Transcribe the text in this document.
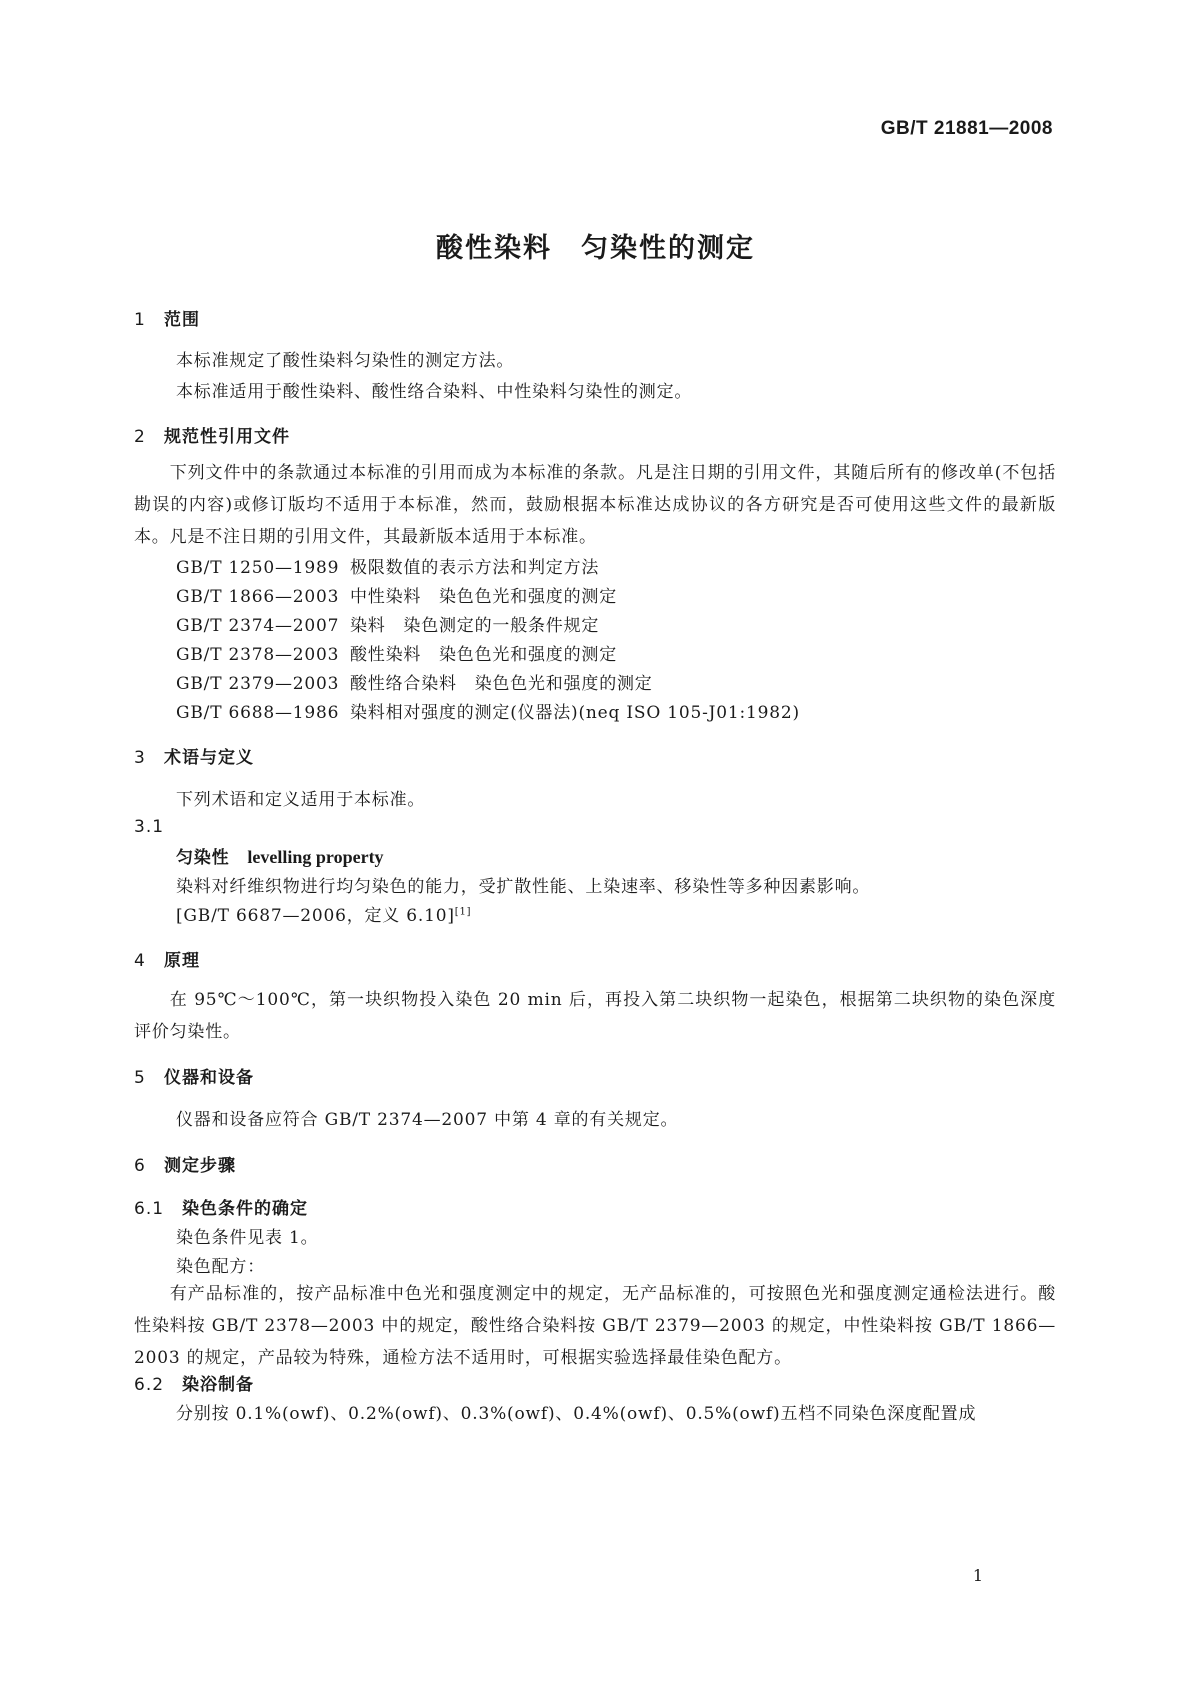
GB/T 21881—2008
酸性染料　匀染性的测定
1 范围
本标准规定了酸性染料匀染性的测定方法。
本标准适用于酸性染料、酸性络合染料、中性染料匀染性的测定。
2 规范性引用文件
下列文件中的条款通过本标准的引用而成为本标准的条款。凡是注日期的引用文件，其随后所有的修改单(不包括勘误的内容)或修订版均不适用于本标准，然而，鼓励根据本标准达成协议的各方研究是否可使用这些文件的最新版本。凡是不注日期的引用文件，其最新版本适用于本标准。
GB/T 1250—1989 极限数值的表示方法和判定方法
GB/T 1866—2003 中性染料　染色色光和强度的测定
GB/T 2374—2007 染料　染色测定的一般条件规定
GB/T 2378—2003 酸性染料　染色色光和强度的测定
GB/T 2379—2003 酸性络合染料　染色色光和强度的测定
GB/T 6688—1986 染料相对强度的测定(仪器法)(neq ISO 105-J01:1982)
3 术语与定义
下列术语和定义适用于本标准。
3.1
匀染性 levelling property
染料对纤维织物进行均匀染色的能力，受扩散性能、上染速率、移染性等多种因素影响。
[GB/T 6687—2006，定义 6.10][1]
4 原理
在 95℃～100℃，第一块织物投入染色 20 min 后，再投入第二块织物一起染色，根据第二块织物的染色深度评价匀染性。
5 仪器和设备
仪器和设备应符合 GB/T 2374—2007 中第 4 章的有关规定。
6 测定步骤
6.1 染色条件的确定
染色条件见表 1。
染色配方：
有产品标准的，按产品标准中色光和强度测定中的规定，无产品标准的，可按照色光和强度测定通检法进行。酸性染料按 GB/T 2378—2003 中的规定，酸性络合染料按 GB/T 2379—2003 的规定，中性染料按 GB/T 1866—2003 的规定，产品较为特殊，通检方法不适用时，可根据实验选择最佳染色配方。
6.2 染浴制备
分别按 0.1%(owf)、0.2%(owf)、0.3%(owf)、0.4%(owf)、0.5%(owf)五档不同染色深度配置成
1
